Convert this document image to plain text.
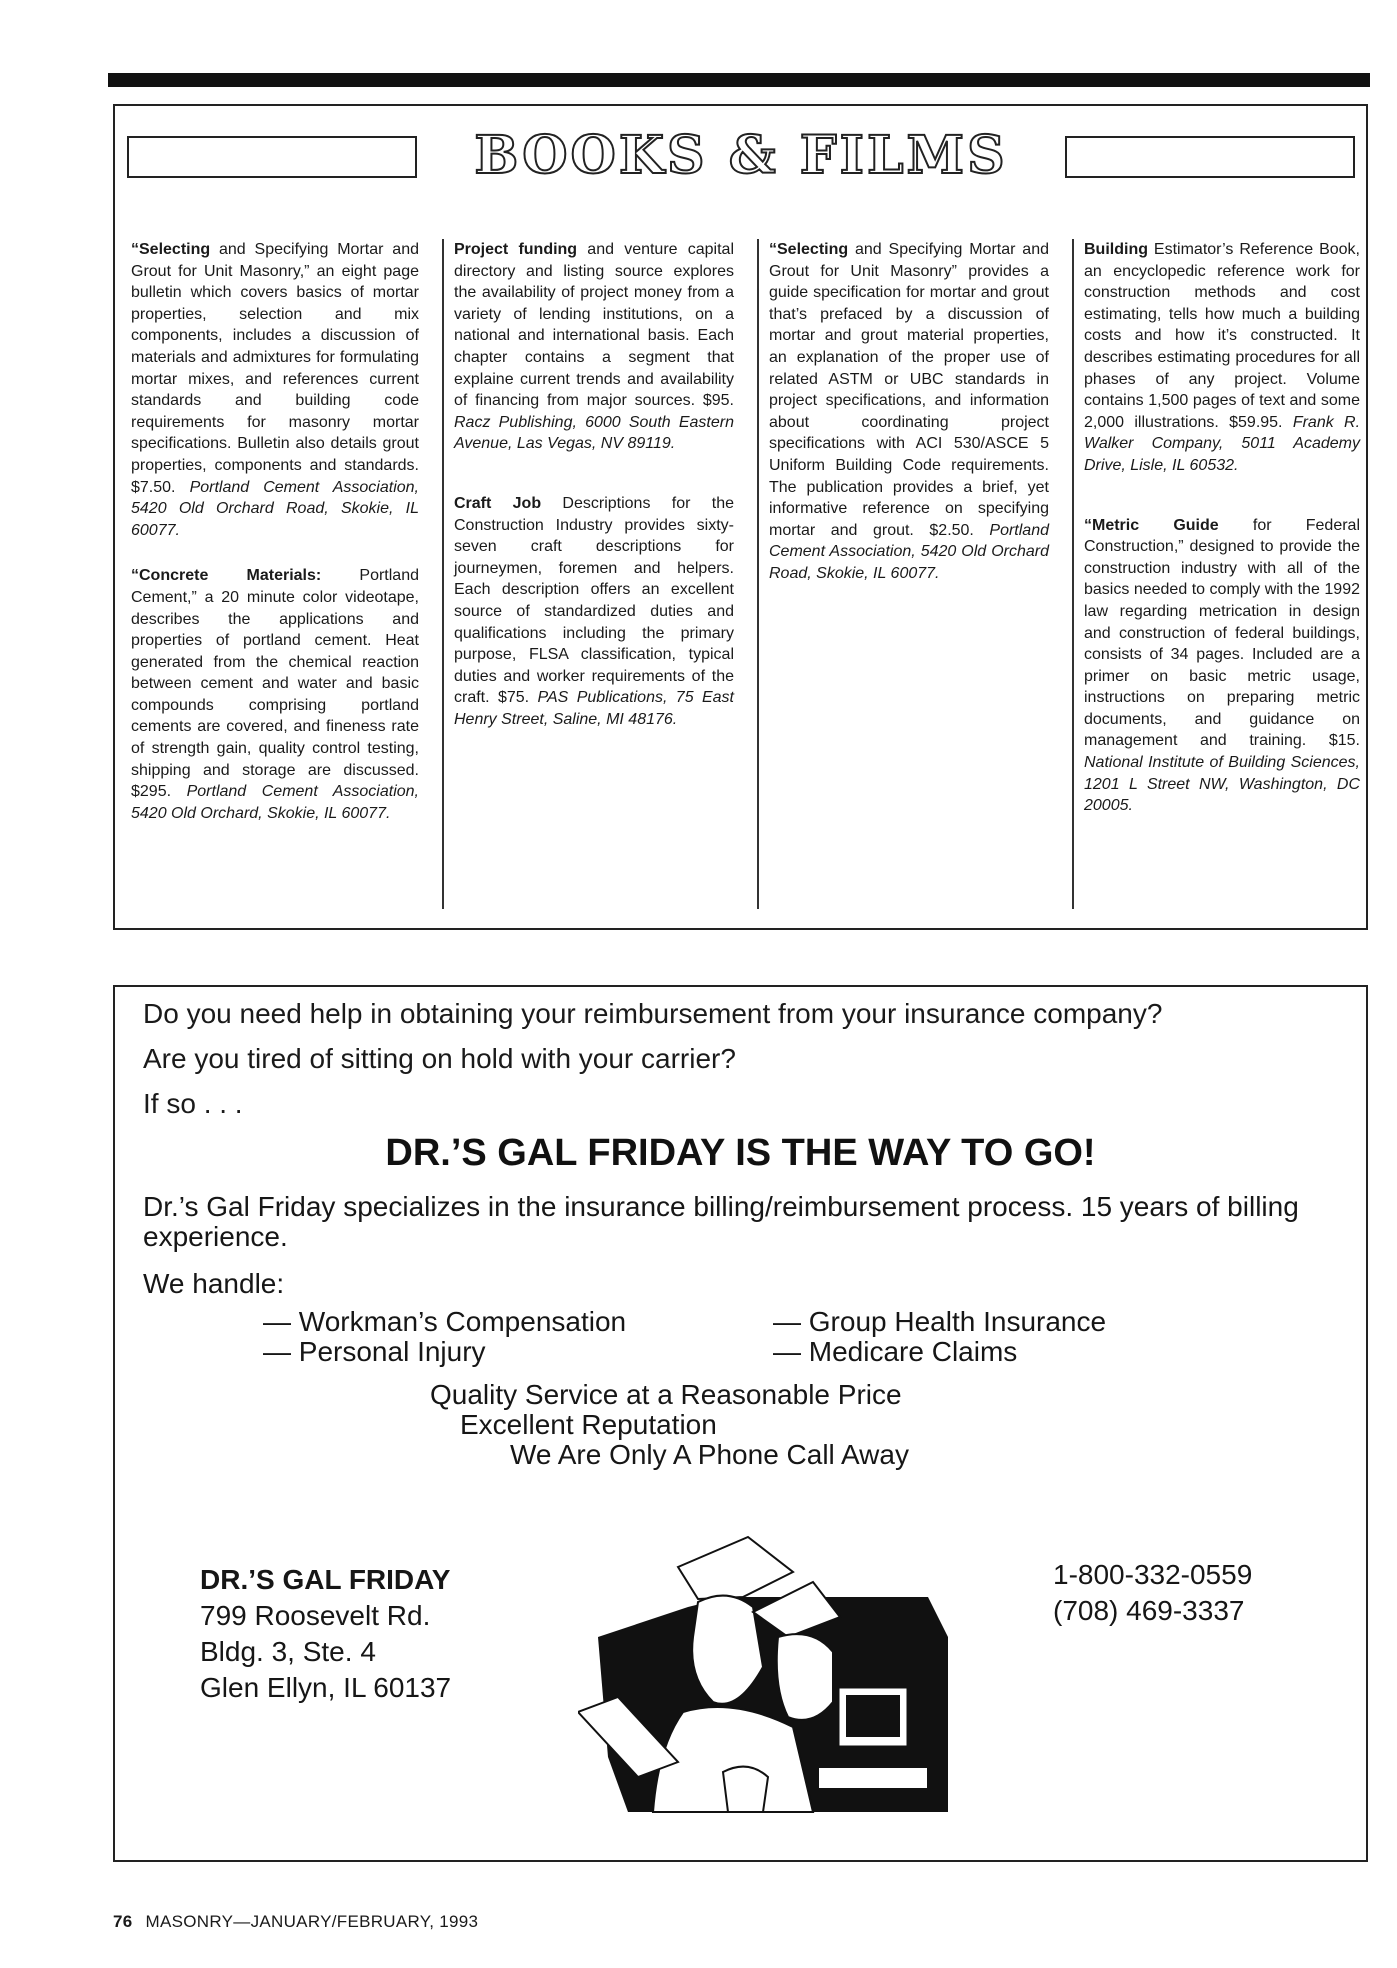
BOOKS & FILMS

“Selecting and Specifying Mortar and Grout for Unit Masonry,” an eight page bulletin which covers basics of mortar properties, selection and mix components, includes a discussion of materials and admixtures for formulating mortar mixes, and references current standards and building code requirements for masonry mortar specifications. Bulletin also details grout properties, components and standards. $7.50. Portland Cement Association, 5420 Old Orchard Road, Skokie, IL 60077.

“Concrete Materials: Portland Cement,” a 20 minute color videotape, describes the applications and properties of portland cement. Heat generated from the chemical reaction between cement and water and basic compounds comprising portland cements are covered, and fineness rate of strength gain, quality control testing, shipping and storage are discussed. $295. Portland Cement Association, 5420 Old Orchard, Skokie, IL 60077.

Project funding and venture capital directory and listing source explores the availability of project money from a variety of lending institutions, on a national and international basis. Each chapter contains a segment that explaine current trends and availability of financing from major sources. $95. Racz Publishing, 6000 South Eastern Avenue, Las Vegas, NV 89119.

Craft Job Descriptions for the Construction Industry provides sixty-seven craft descriptions for journeymen, foremen and helpers. Each description offers an excellent source of standardized duties and qualifications including the primary purpose, FLSA classification, typical duties and worker requirements of the craft. $75. PAS Publications, 75 East Henry Street, Saline, MI 48176.

“Selecting and Specifying Mortar and Grout for Unit Masonry” provides a guide specification for mortar and grout that’s prefaced by a discussion of mortar and grout material properties, an explanation of the proper use of related ASTM or UBC standards in project specifications, and information about coordinating project specifications with ACI 530/ASCE 5 Uniform Building Code requirements. The publication provides a brief, yet informative reference on specifying mortar and grout. $2.50. Portland Cement Association, 5420 Old Orchard Road, Skokie, IL 60077.

Building Estimator’s Reference Book, an encyclopedic reference work for construction methods and cost estimating, tells how much a building costs and how it’s constructed. It describes estimating procedures for all phases of any project. Volume contains 1,500 pages of text and some 2,000 illustrations. $59.95. Frank R. Walker Company, 5011 Academy Drive, Lisle, IL 60532.

“Metric Guide for Federal Construction,” designed to provide the construction industry with all of the basics needed to comply with the 1992 law regarding metrication in design and construction of federal buildings, consists of 34 pages. Included are a primer on basic metric usage, instructions on preparing metric documents, and guidance on management and training. $15. National Institute of Building Sciences, 1201 L Street NW, Washington, DC 20005.

Do you need help in obtaining your reimbursement from your insurance company?
Are you tired of sitting on hold with your carrier?
If so . . .
DR.’S GAL FRIDAY IS THE WAY TO GO!
Dr.’s Gal Friday specializes in the insurance billing/reimbursement process. 15 years of billing experience.
We handle:
— Workman’s Compensation
— Personal Injury
— Group Health Insurance
— Medicare Claims
Quality Service at a Reasonable Price
Excellent Reputation
We Are Only A Phone Call Away
DR.’S GAL FRIDAY
799 Roosevelt Rd.
Bldg. 3, Ste. 4
Glen Ellyn, IL 60137
1-800-332-0559
(708) 469-3337
76 MASONRY—JANUARY/FEBRUARY, 1993
